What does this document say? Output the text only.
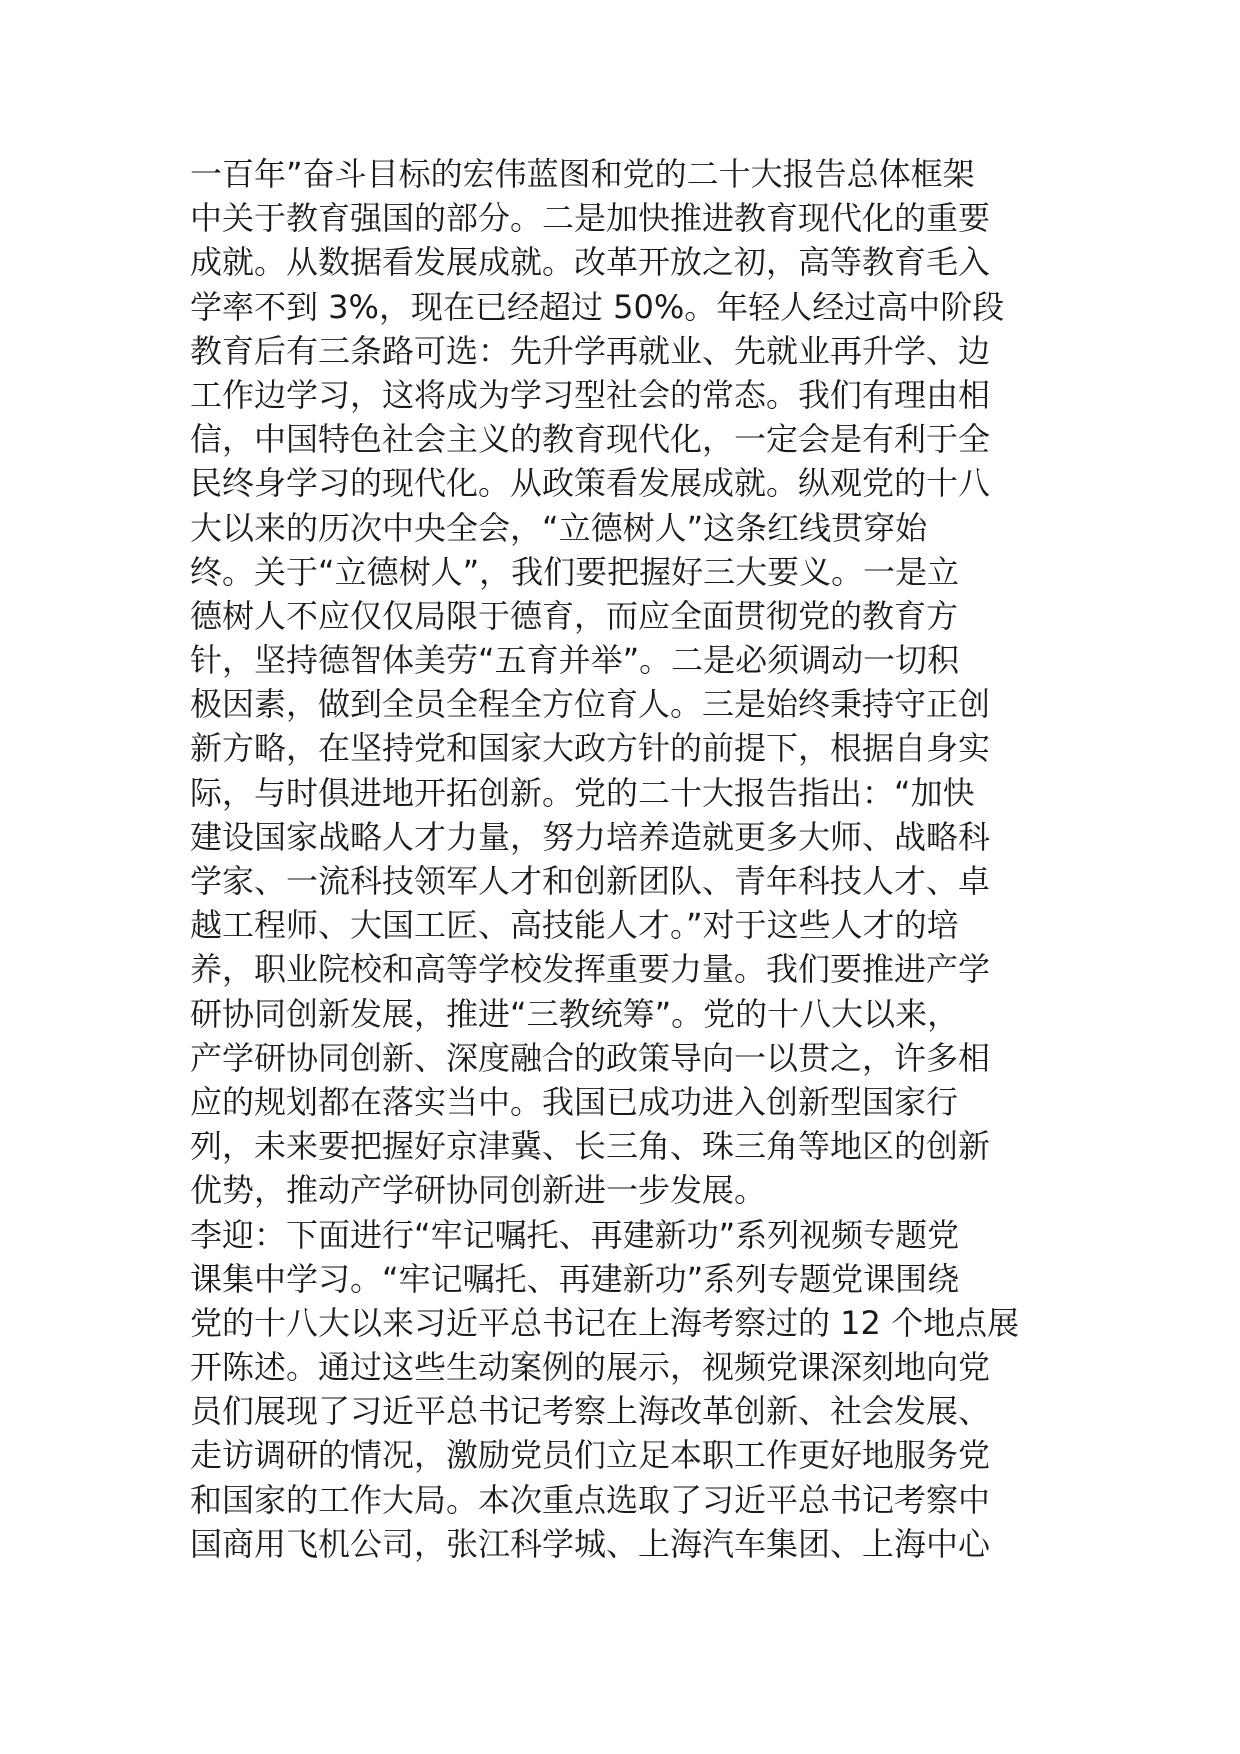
一百年”奋斗目标的宏伟蓝图和党的二十大报告总体框架
中关于教育强国的部分。二是加快推进教育现代化的重要
成就。从数据看发展成就。改革开放之初，高等教育毛入
学率不到 3%，现在已经超过 50%。年轻人经过高中阶段
教育后有三条路可选：先升学再就业、先就业再升学、边
工作边学习，这将成为学习型社会的常态。我们有理由相
信，中国特色社会主义的教育现代化，一定会是有利于全
民终身学习的现代化。从政策看发展成就。纵观党的十八
大以来的历次中央全会，“立德树人”这条红线贯穿始
终。关于“立德树人”，我们要把握好三大要义。一是立
德树人不应仅仅局限于德育，而应全面贯彻党的教育方
针，坚持德智体美劳“五育并举”。二是必须调动一切积
极因素，做到全员全程全方位育人。三是始终秉持守正创
新方略，在坚持党和国家大政方针的前提下，根据自身实
际，与时俱进地开拓创新。党的二十大报告指出：“加快
建设国家战略人才力量，努力培养造就更多大师、战略科
学家、一流科技领军人才和创新团队、青年科技人才、卓
越工程师、大国工匠、高技能人才。”对于这些人才的培
养，职业院校和高等学校发挥重要力量。我们要推进产学
研协同创新发展，推进“三教统筹”。党的十八大以来，
产学研协同创新、深度融合的政策导向一以贯之，许多相
应的规划都在落实当中。我国已成功进入创新型国家行
列，未来要把握好京津冀、长三角、珠三角等地区的创新
优势，推动产学研协同创新进一步发展。
李迎：下面进行“牢记嘱托、再建新功”系列视频专题党
课集中学习。“牢记嘱托、再建新功”系列专题党课围绕
党的十八大以来习近平总书记在上海考察过的 12 个地点展
开陈述。通过这些生动案例的展示，视频党课深刻地向党
员们展现了习近平总书记考察上海改革创新、社会发展、
走访调研的情况，激励党员们立足本职工作更好地服务党
和国家的工作大局。本次重点选取了习近平总书记考察中
国商用飞机公司，张江科学城、上海汽车集团、上海中心
